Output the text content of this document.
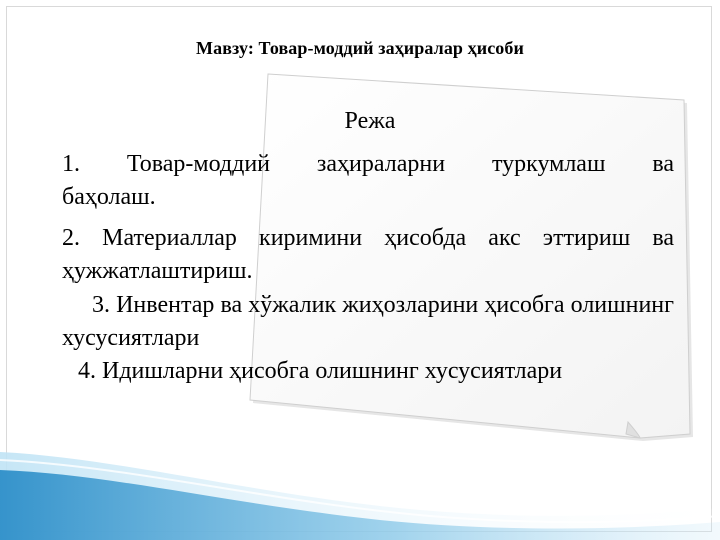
Мавзу: Товар-моддий заҳиралар ҳисоби
Режа
1. Товар-моддий заҳираларни туркумлаш ва баҳолаш.
2. Материаллар киримини ҳисобда акс эттириш ва ҳужжатлаштириш.
3. Инвентар ва хўжалик жиҳозларини ҳисобга олишнинг хусусиятлари
4. Идишларни ҳисобга олишнинг хусусиятлари
